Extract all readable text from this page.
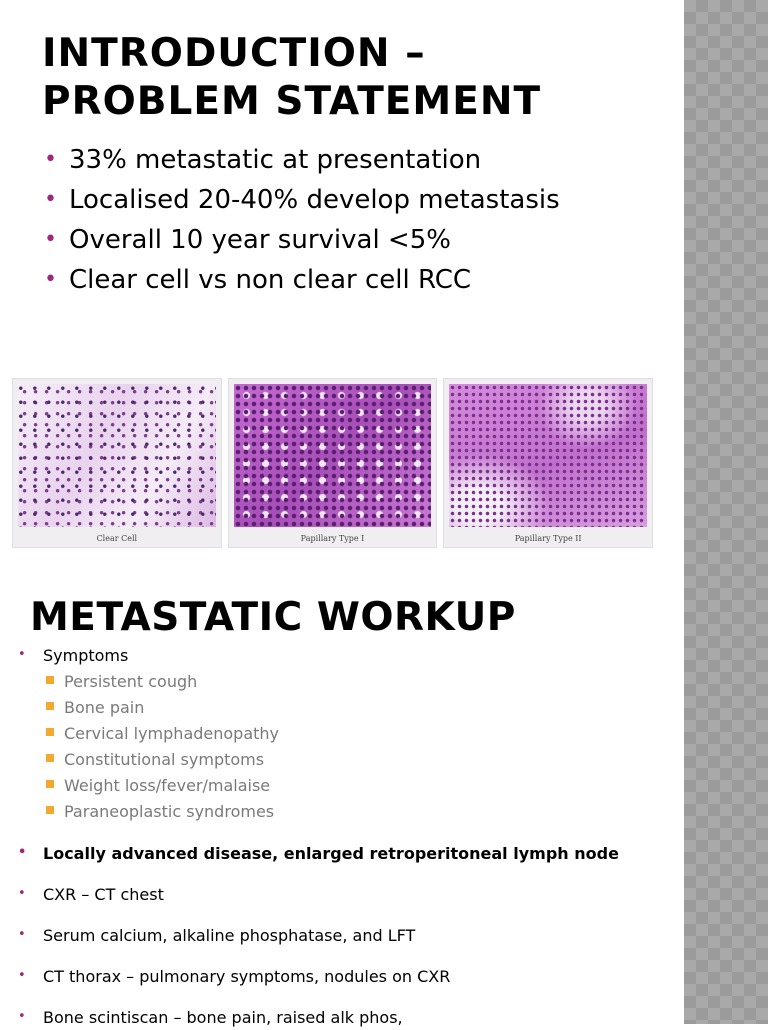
INTRODUCTION –
PROBLEM STATEMENT
• 33% metastatic at presentation
• Localised 20-40% develop metastasis
• Overall 10 year survival <5%
• Clear cell vs non clear cell RCC
Clear Cell	Papillary Type I	Papillary Type II
METASTATIC WORKUP
• Symptoms
Persistent cough
Bone pain
Cervical lymphadenopathy
Constitutional symptoms
Weight loss/fever/malaise
Paraneoplastic syndromes
• Locally advanced disease, enlarged retroperitoneal lymph node
• CXR – CT chest
• Serum calcium, alkaline phosphatase, and LFT
• CT thorax – pulmonary symptoms, nodules on CXR
• Bone scintiscan – bone pain, raised alk phos,
